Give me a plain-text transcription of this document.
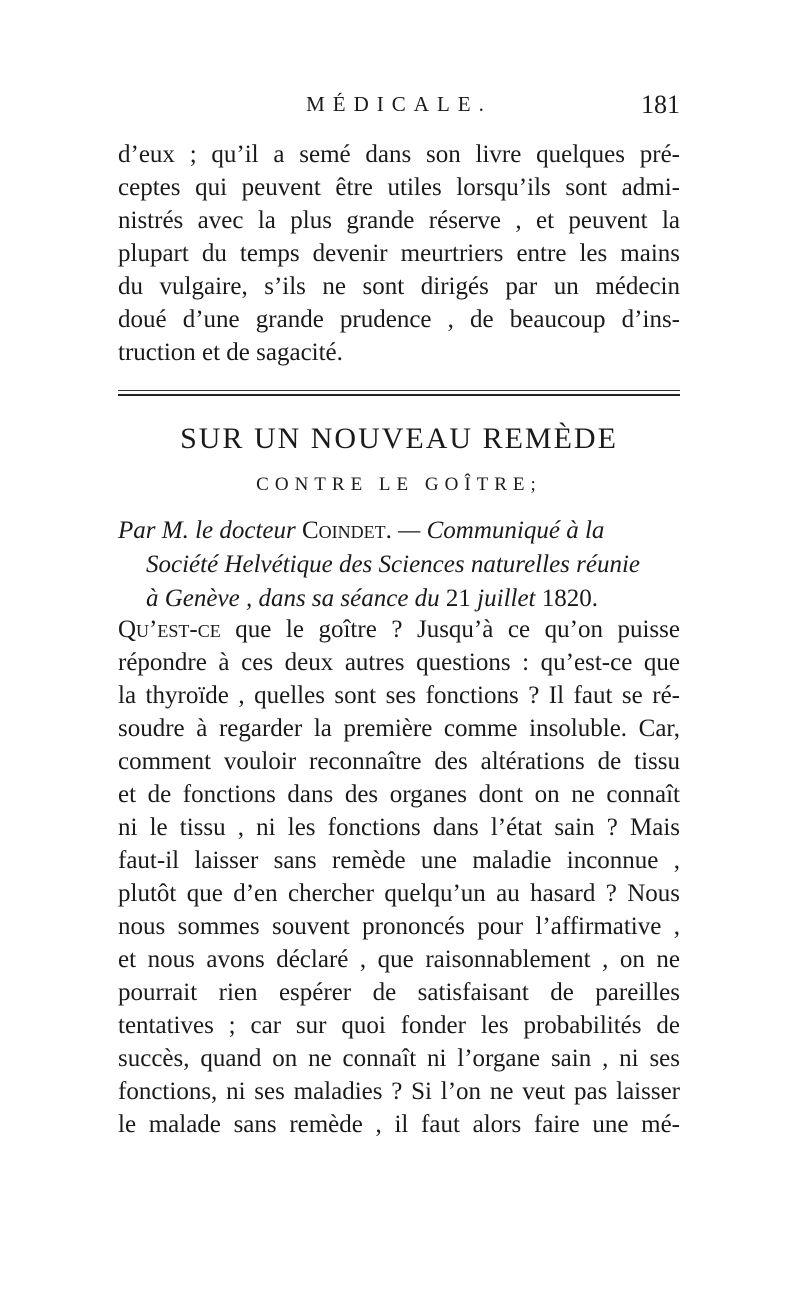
MÉDICALE.	181
d’eux ; qu’il a semé dans son livre quelques pré-
ceptes qui peuvent être utiles lorsqu’ils sont admi-
nistrés avec la plus grande réserve , et peuvent la
plupart du temps devenir meurtriers entre les mains
du vulgaire, s’ils ne sont dirigés par un médecin
doué d’une grande prudence , de beaucoup d’ins-
truction et de sagacité.
SUR UN NOUVEAU REMÈDE
CONTRE LE GOÎTRE;
Par M. le docteur Coindet. — Communiqué à la
Société Helvétique des Sciences naturelles réunie
à Genève , dans sa séance du 21 juillet 1820.
Qu’est-ce que le goître ? Jusqu’à ce qu’on puisse
répondre à ces deux autres questions : qu’est-ce que
la thyroïde , quelles sont ses fonctions ? Il faut se ré-
soudre à regarder la première comme insoluble. Car,
comment vouloir reconnaître des altérations de tissu
et de fonctions dans des organes dont on ne connaît
ni le tissu , ni les fonctions dans l’état sain ? Mais
faut-il laisser sans remède une maladie inconnue ,
plutôt que d’en chercher quelqu’un au hasard ? Nous
nous sommes souvent prononcés pour l’affirmative ,
et nous avons déclaré , que raisonnablement , on ne
pourrait rien espérer de satisfaisant de pareilles
tentatives ; car sur quoi fonder les probabilités de
succès, quand on ne connaît ni l’organe sain , ni ses
fonctions, ni ses maladies ? Si l’on ne veut pas laisser
le malade sans remède , il faut alors faire une mé-
